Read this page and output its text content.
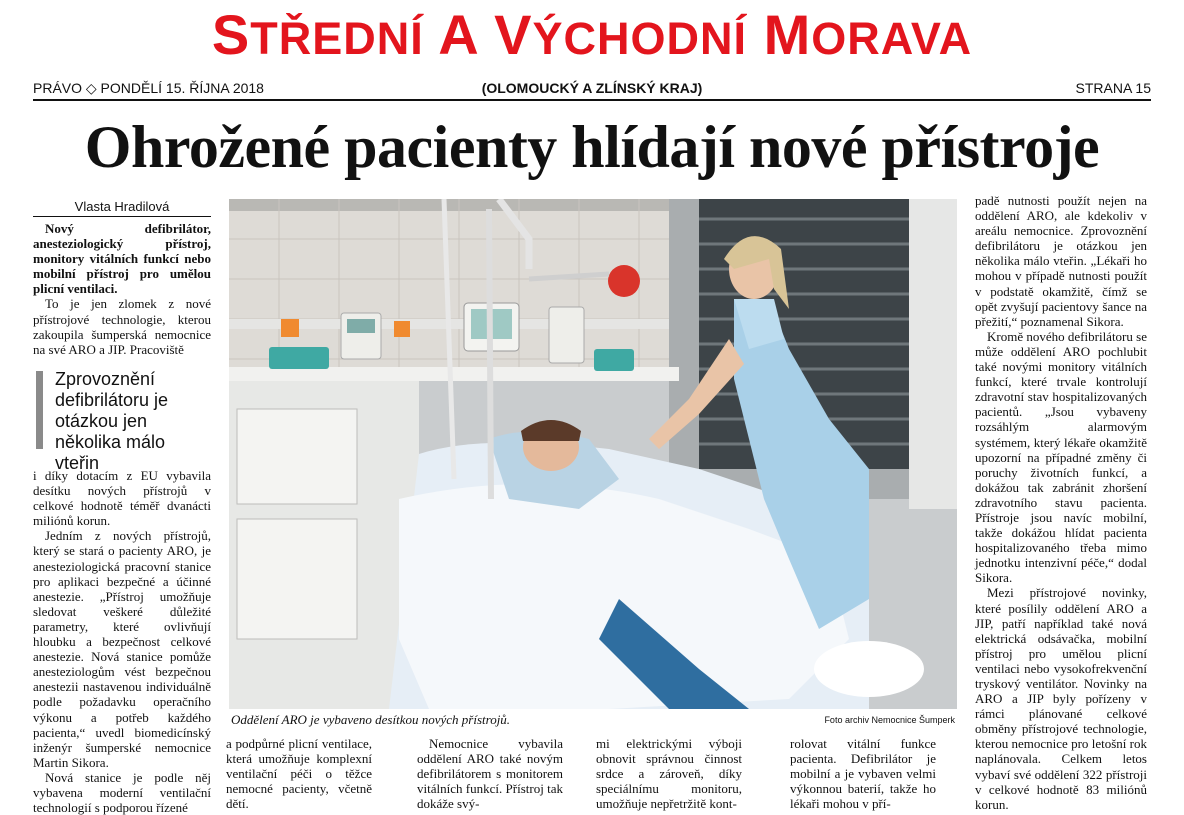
STŘEDNÍ A VÝCHODNÍ MORAVA
PRÁVO ◇ PONDĚLÍ 15. ŘÍJNA 2018	(OLOMOUCKÝ A ZLÍNSKÝ KRAJ)	STRANA 15
Ohrožené pacienty hlídají nové přístroje
Vlasta Hradilová

Nový defibrilátor, anesteziologický přístroj, monitory vitálních funkcí nebo mobilní přístroj pro umělou plicní ventilaci.

To je jen zlomek z nové přístrojové technologie, kterou zakoupila šumperská nemocnice na své ARO a JIP. Pracoviště

Zprovoznění defibrilátoru je otázkou jen několika málo vteřin

i díky dotacím z EU vybavila desítku nových přístrojů v celkové hodnotě téměř dvanácti miliónů korun.

Jedním z nových přístrojů, který se stará o pacienty ARO, je anesteziologická pracovní stanice pro aplikaci bezpečné a účinné anestezie. „Přístroj umožňuje sledovat veškeré důležité parametry, které ovlivňují hloubku a bezpečnost celkové anestezie. Nová stanice pomůže anesteziologům vést bezpečnou anestezii nastavenou individuálně podle požadavku operačního výkonu a potřeb každého pacienta,“ uvedl biomedicínský inženýr šumperské nemocnice Martin Sikora.

Nová stanice je podle něj vybavena moderní ventilační technologií s podporou řízené

Oddělení ARO je vybaveno desítkou nových přístrojů.	Foto archiv Nemocnice Šumperk

a podpůrné plicní ventilace, která umožňuje komplexní ventilační péči o těžce nemocné pacienty, včetně dětí.

Nemocnice vybavila oddělení ARO také novým defibrilátorem s monitorem vitálních funkcí. Přístroj tak dokáže svý-

mi elektrickými výboji obnovit správnou činnost srdce a zároveň, díky speciálnímu monitoru, umožňuje nepřetržitě kont-

rolovat vitální funkce pacienta. Defibrilátor je mobilní a je vybaven velmi výkonnou baterií, takže ho lékaři mohou v pří-

padě nutnosti použít nejen na oddělení ARO, ale kdekoliv v areálu nemocnice. Zprovoznění defibrilátoru je otázkou jen několika málo vteřin. „Lékaři ho mohou v případě nutnosti použít v podstatě okamžitě, čímž se opět zvyšují pacientovy šance na přežití,“ poznamenal Sikora.

Kromě nového defibrilátoru se může oddělení ARO pochlubit také novými monitory vitálních funkcí, které trvale kontrolují zdravotní stav hospitalizovaných pacientů. „Jsou vybaveny rozsáhlým alarmovým systémem, který lékaře okamžitě upozorní na případné změny či poruchy životních funkcí, a dokážou tak zabránit zhoršení zdravotního stavu pacienta. Přístroje jsou navíc mobilní, takže dokážou hlídat pacienta hospitalizovaného třeba mimo jednotku intenzivní péče,“ dodal Sikora.

Mezi přístrojové novinky, které posílily oddělení ARO a JIP, patří například také nová elektrická odsávačka, mobilní přístroj pro umělou plicní ventilaci nebo vysokofrekvenční tryskový ventilátor. Novinky na ARO a JIP byly pořízeny v rámci plánované celkové obměny přístrojové technologie, kterou nemocnice pro letošní rok naplánovala. Celkem letos vybaví své oddělení 322 přístroji v celkové hodnotě 83 miliónů korun.
